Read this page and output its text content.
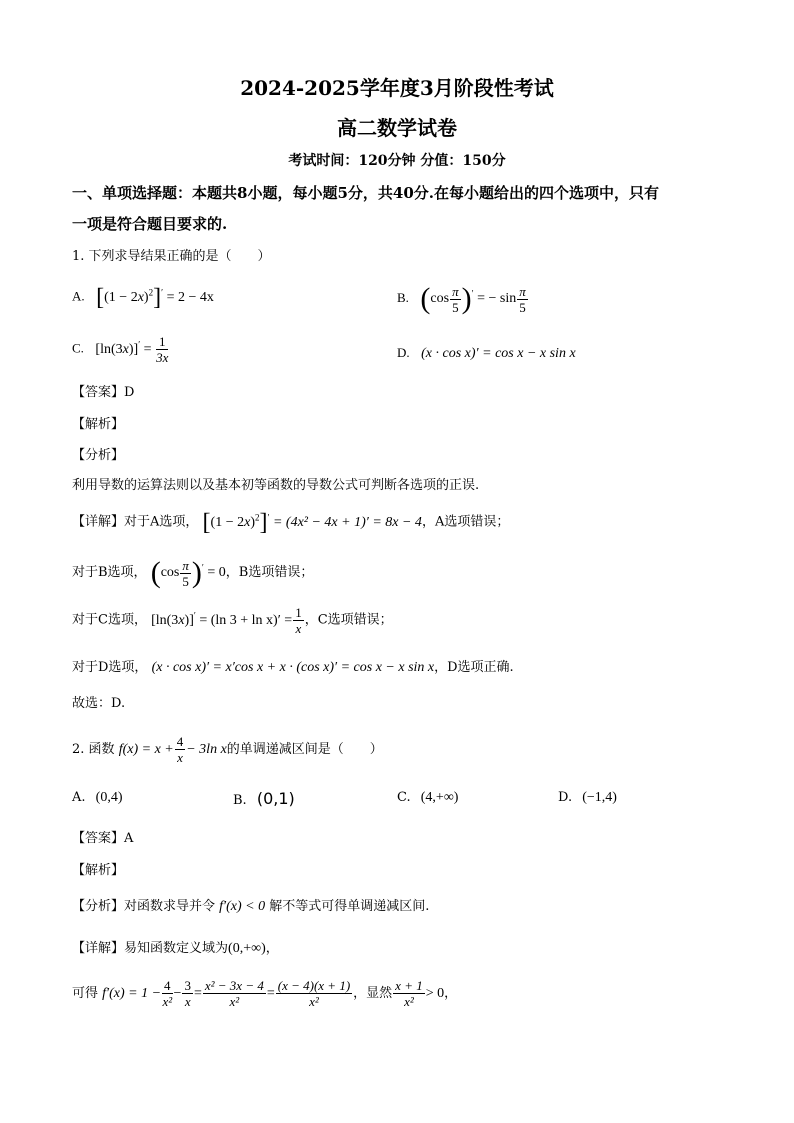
2024-2025学年度3月阶段性考试
高二数学试卷
考试时间：120分钟 分值：150分
一、单项选择题：本题共8小题，每小题5分，共40分.在每小题给出的四个选项中，只有
一项是符合题目要求的.
1. 下列求导结果正确的是（　　）
A. $[(1 - 2x)^2]' = 2 - 4x$	B. $(\cos \frac{\pi}{5} )'$ = − $\sin \frac{\pi}{5}$
C. $[\ln(3x)]' = \frac{1}{3x}$	D. (x · cos x)′ = cos x − x sin x
【答案】D
【解析】
【分析】
利用导数的运算法则以及基本初等函数的导数公式可判断各选项的正误.
【详解】对于A选项， $[(1 - 2x)^2]' = (4x^2 - 4x + 1)' = 8x - 4$，A选项错误；
对于B选项， $(\cos \frac{\pi}{5} )' = 0$，B选项错误；
对于C选项， [ln(3x)]′ = (ln $3 + \ln x)' = \frac{1}{x}$ ，C选项错误；
对于D选项， (x · cos x)′ = x′cos x + x · (cos x)′ = cos x − x sin x，D选项正确.
故选：D.
2. 函数 $f(x) = x + \frac{4}{x} - 3\ln$ x的单调递减区间是（　　）
A. (0,4)	B. (0,1)	C. (4,+∞)	D. (−1,4)
【答案】A
【解析】
【分析】对函数求导并令 f′(x) < 0 解不等式可得单调递减区间.
【详解】易知函数定义域为(0,+∞)，
可得 $f'(x) = 1 - \frac{4}{\text{x²}} - \frac{3}{x} = \frac{\text{x² − 3x − 4}}{\text{x²}} = \frac{(x - 4)(x + 1)}{\text{x²}}$ ，显然 $\frac{x + 1}{\text{x²}} > 0$，
